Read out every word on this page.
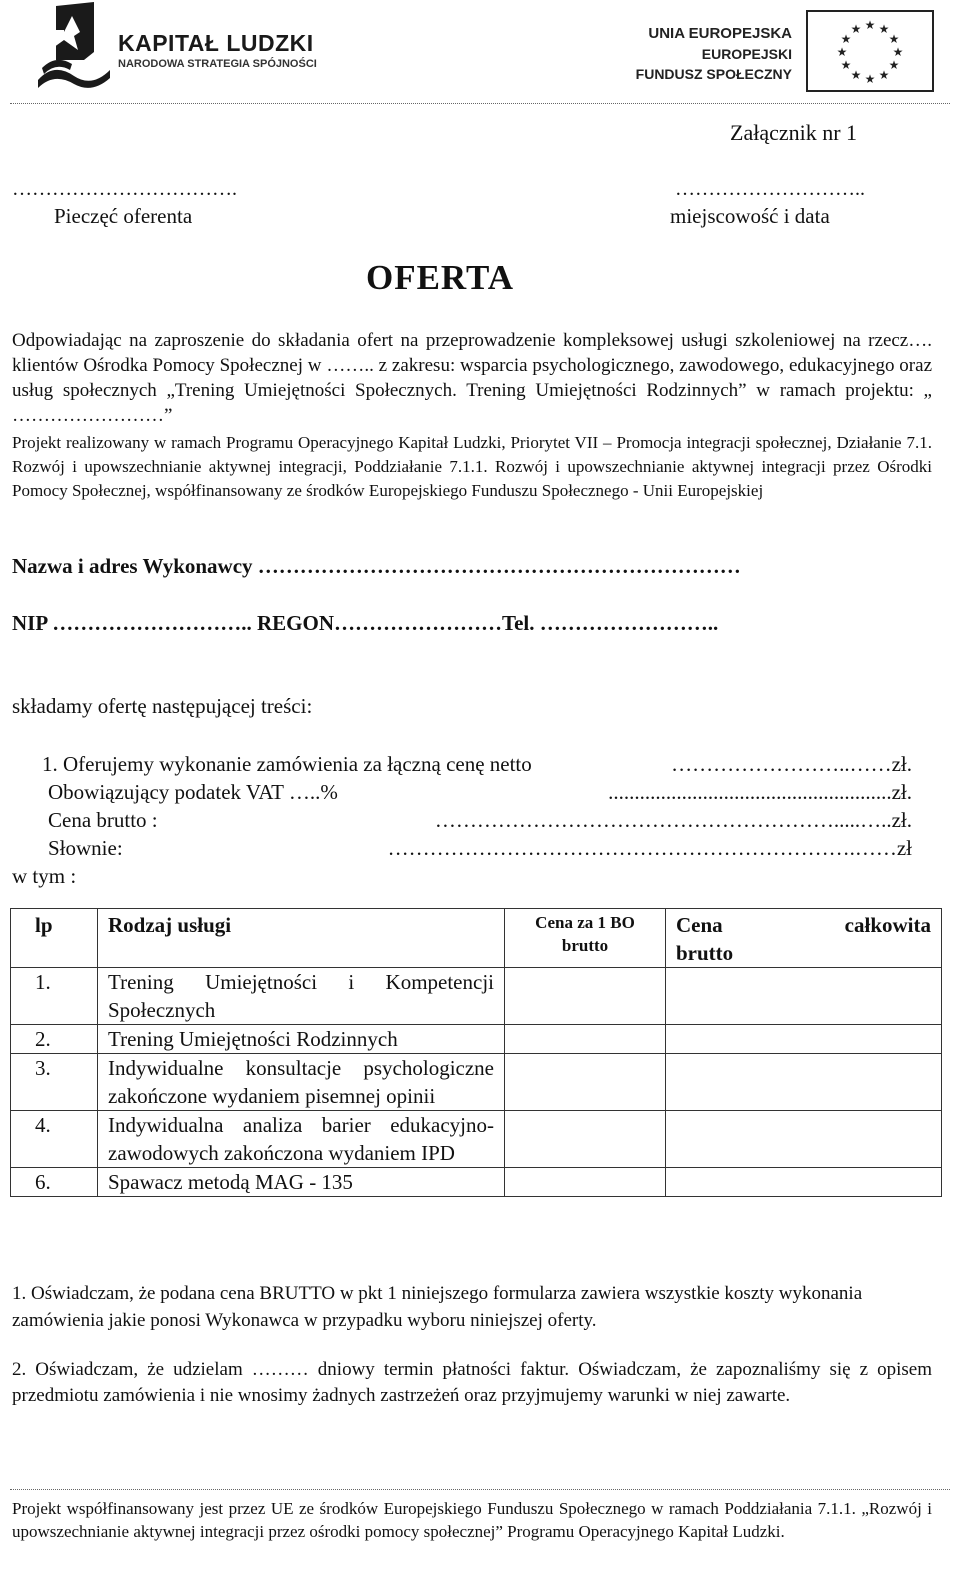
KAPITAŁ LUDZKI
NARODOWA STRATEGIA SPÓJNOŚCI
UNIA EUROPEJSKA
EUROPEJSKI
FUNDUSZ SPOŁECZNY
★ ★
★
★
★
★
★
★
★
★
★
★
Załącznik nr 1
…………………………….
Pieczęć oferenta
………………………..
miejscowość i data
OFERTA
Odpowiadając na zaproszenie do składania ofert na przeprowadzenie kompleksowej usługi szkoleniowej na rzecz…. klientów Ośrodka Pomocy Społecznej w …….. z zakresu: wsparcia psychologicznego, zawodowego, edukacyjnego oraz usług społecznych „Trening Umiejętności Społecznych. Trening Umiejętności Rodzinnych” w ramach projektu: „ ……………………”
Projekt realizowany w ramach Programu Operacyjnego Kapitał Ludzki, Priorytet VII – Promocja integracji społecznej, Działanie 7.1. Rozwój i upowszechnianie aktywnej integracji, Poddziałanie 7.1.1. Rozwój i upowszechnianie aktywnej integracji przez Ośrodki Pomocy Społecznej, współfinansowany ze środków Europejskiego Funduszu Społecznego - Unii Europejskiej
Nazwa i adres Wykonawcy ……………………………………………………………
NIP ……………………….. REGON……………………Tel. ……………………..
składamy ofertę następującej treści:
1. Oferujemy wykonanie zamówienia za łączną cenę netto	……………………..……zł.
Obowiązujący podatek VAT …..%	......................................................zł.
Cena brutto :	………………………………………………….....…..zł.
Słownie:	………………………………………………………….……zł
w tym :
lp	Rodzaj usługi	Cena za 1 BO brutto	Cena całkowita
brutto

1.	Trening Umiejętności i Kompetencji Społecznych		
2.	Trening Umiejętności Rodzinnych		
3.	Indywidualne konsultacje psychologiczne zakończone wydaniem pisemnej opinii		
4.	Indywidualna analiza barier edukacyjno- zawodowych zakończona wydaniem IPD		
6.	Spawacz metodą MAG - 135		
1. Oświadczam, że podana cena BRUTTO w pkt 1 niniejszego formularza zawiera wszystkie koszty wykonania zamówienia jakie ponosi Wykonawca w przypadku wyboru niniejszej oferty.
2. Oświadczam, że udzielam ……… dniowy termin płatności faktur. Oświadczam, że zapoznaliśmy się z opisem przedmiotu zamówienia i nie wnosimy żadnych zastrzeżeń oraz przyjmujemy warunki w niej zawarte.
Projekt współfinansowany jest przez UE ze środków Europejskiego Funduszu Społecznego w ramach Poddziałania 7.1.1. „Rozwój i upowszechnianie aktywnej integracji przez ośrodki pomocy społecznej” Programu Operacyjnego Kapitał Ludzki.
